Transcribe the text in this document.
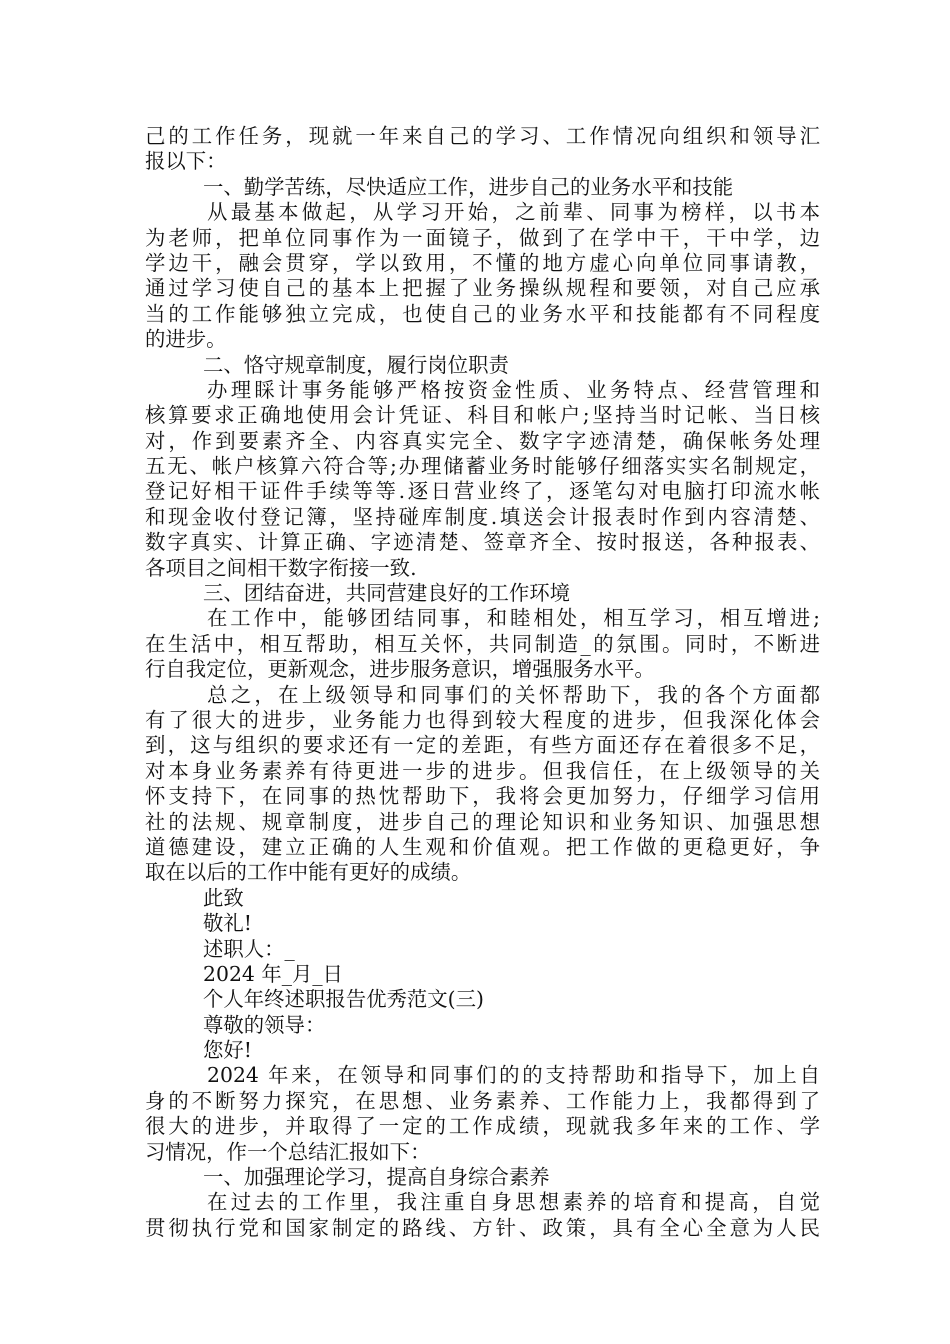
己的工作任务，现就一年来自己的学习、工作情况向组织和领导汇
报以下：
一、勤学苦练，尽快适应工作，进步自己的业务水平和技能
从最基本做起，从学习开始，之前辈、同事为榜样，以书本
为老师，把单位同事作为一面镜子，做到了在学中干，干中学，边
学边干，融会贯穿，学以致用，不懂的地方虚心向单位同事请教，
通过学习使自己的基本上把握了业务操纵规程和要领，对自己应承
当的工作能够独立完成，也使自己的业务水平和技能都有不同程度
的进步。
二、恪守规章制度，履行岗位职责
办理睬计事务能够严格按资金性质、业务特点、经营管理和
核算要求正确地使用会计凭证、科目和帐户;坚持当时记帐、当日核
对，作到要素齐全、内容真实完全、数字字迹清楚，确保帐务处理
五无、帐户核算六符合等;办理储蓄业务时能够仔细落实实名制规定，
登记好相干证件手续等等.逐日营业终了，逐笔勾对电脑打印流水帐
和现金收付登记簿，坚持碰库制度.填送会计报表时作到内容清楚、
数字真实、计算正确、字迹清楚、签章齐全、按时报送，各种报表、
各项目之间相干数字衔接一致.
三、团结奋进，共同营建良好的工作环境
在工作中，能够团结同事，和睦相处，相互学习，相互增进;
在生活中，相互帮助，相互关怀，共同制造_的氛围。同时，不断进
行自我定位，更新观念，进步服务意识，增强服务水平。
总之，在上级领导和同事们的关怀帮助下，我的各个方面都
有了很大的进步，业务能力也得到较大程度的进步，但我深化体会
到，这与组织的要求还有一定的差距，有些方面还存在着很多不足，
对本身业务素养有待更进一步的进步。但我信任，在上级领导的关
怀支持下，在同事的热忱帮助下，我将会更加努力，仔细学习信用
社的法规、规章制度，进步自己的理论知识和业务知识、加强思想
道德建设，建立正确的人生观和价值观。把工作做的更稳更好，争
取在以后的工作中能有更好的成绩。
此致
敬礼!
述职人：_
2024 年_月_日
个人年终述职报告优秀范文(三)
尊敬的领导：
您好!
2024 年来，在领导和同事们的的支持帮助和指导下，加上自
身的不断努力探究，在思想、业务素养、工作能力上，我都得到了
很大的进步，并取得了一定的工作成绩，现就我多年来的工作、学
习情况，作一个总结汇报如下：
一、加强理论学习，提高自身综合素养
在过去的工作里，我注重自身思想素养的培育和提高，自觉
贯彻执行党和国家制定的路线、方针、政策，具有全心全意为人民
